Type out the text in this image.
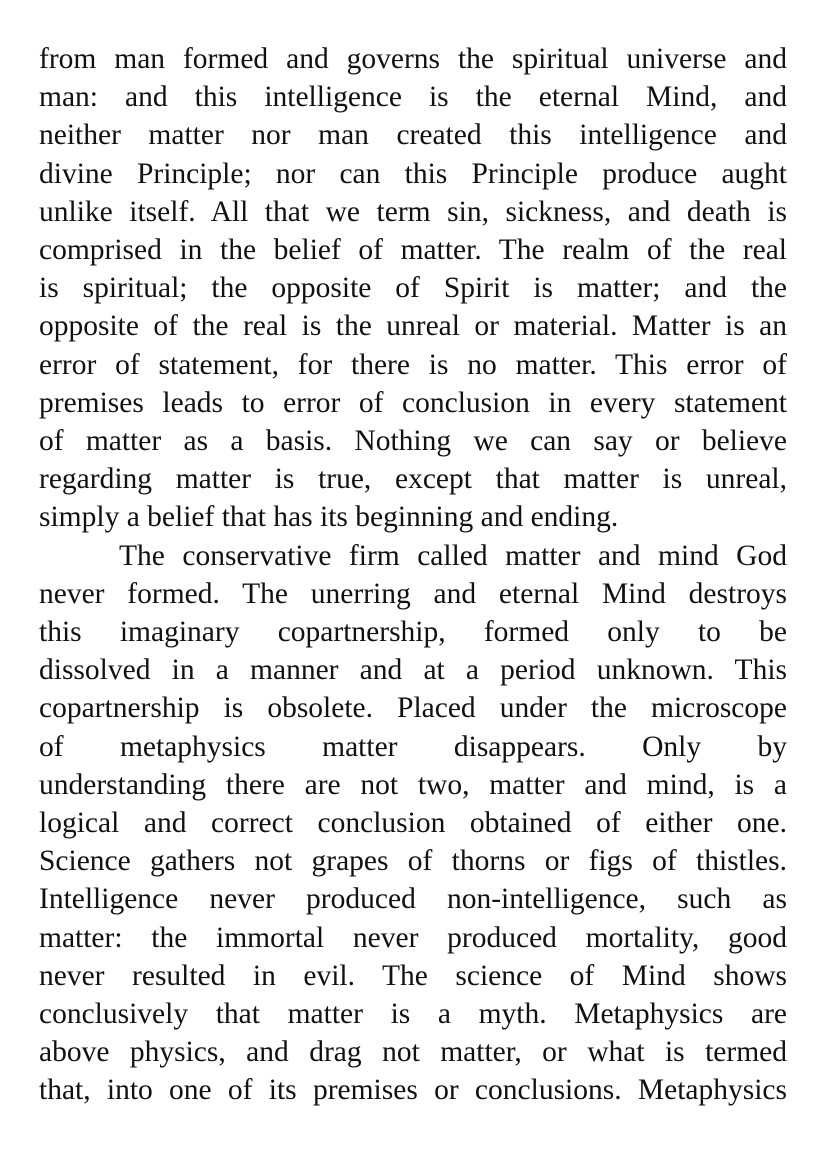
from man formed and governs the spiritual universe and
man: and this intelligence is the eternal Mind, and
neither matter nor man created this intelligence and
divine Principle; nor can this Principle produce aught
unlike itself. All that we term sin, sickness, and death is
comprised in the belief of matter. The realm of the real
is spiritual; the opposite of Spirit is matter; and the
opposite of the real is the unreal or material. Matter is an
error of statement, for there is no matter. This error of
premises leads to error of conclusion in every statement
of matter as a basis. Nothing we can say or believe
regarding matter is true, except that matter is unreal,
simply a belief that has its beginning and ending.
The conservative firm called matter and mind God
never formed. The unerring and eternal Mind destroys
this imaginary copartnership, formed only to be
dissolved in a manner and at a period unknown. This
copartnership is obsolete. Placed under the microscope
of metaphysics matter disappears. Only by
understanding there are not two, matter and mind, is a
logical and correct conclusion obtained of either one.
Science gathers not grapes of thorns or figs of thistles.
Intelligence never produced non-intelligence, such as
matter: the immortal never produced mortality, good
never resulted in evil. The science of Mind shows
conclusively that matter is a myth. Metaphysics are
above physics, and drag not matter, or what is termed
that, into one of its premises or conclusions. Metaphysics
